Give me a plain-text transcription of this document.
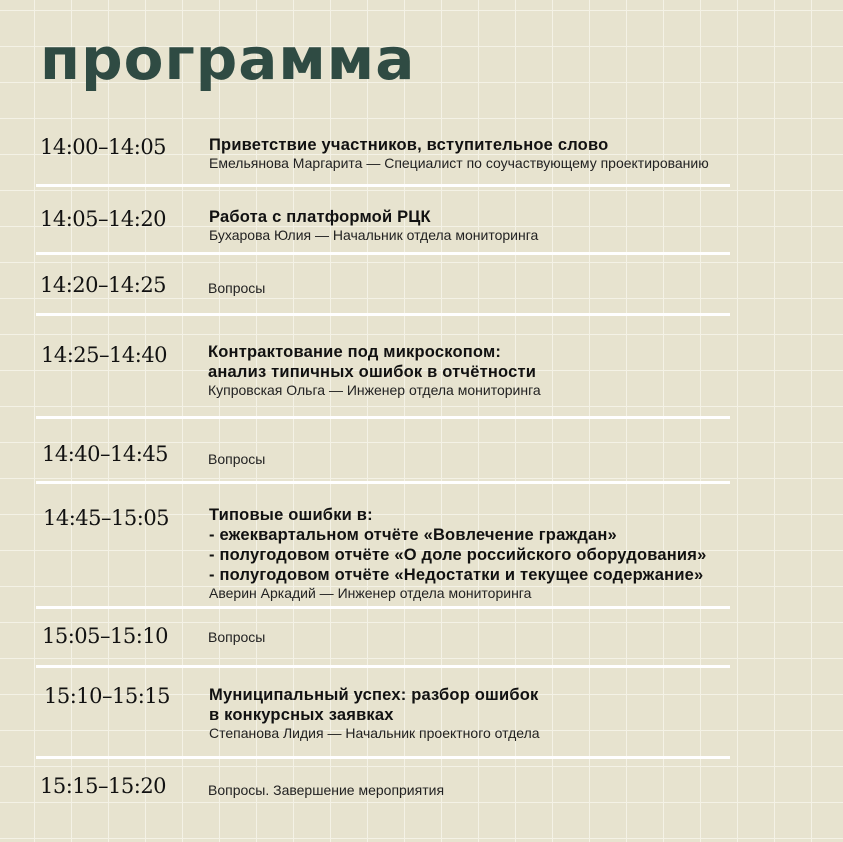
программа
14:00–14:05	Приветствие участников, вступительное слово
Емельянова Маргарита — Специалист по соучаствующему проектированию
14:05–14:20	Работа с платформой РЦК
Бухарова Юлия — Начальник отдела мониторинга
14:20–14:25	Вопросы
14:25–14:40 Контрактование под микроскопом:
анализ типичных ошибок в отчётности
Купровская Ольга — Инженер отдела мониторинга
14:40–14:45	Вопросы
14:45–15:05 Типовые ошибки в:
- ежеквартальном отчёте «Вовлечение граждан»
- полугодовом отчёте «О доле российского оборудования»
- полугодовом отчёте «Недостатки и текущее содержание»
Аверин Аркадий — Инженер отдела мониторинга
15:05–15:10	Вопросы
15:10–15:15 Муниципальный успех: разбор ошибок
в конкурсных заявках
Степанова Лидия — Начальник проектного отдела
15:15–15:20	Вопросы. Завершение мероприятия
